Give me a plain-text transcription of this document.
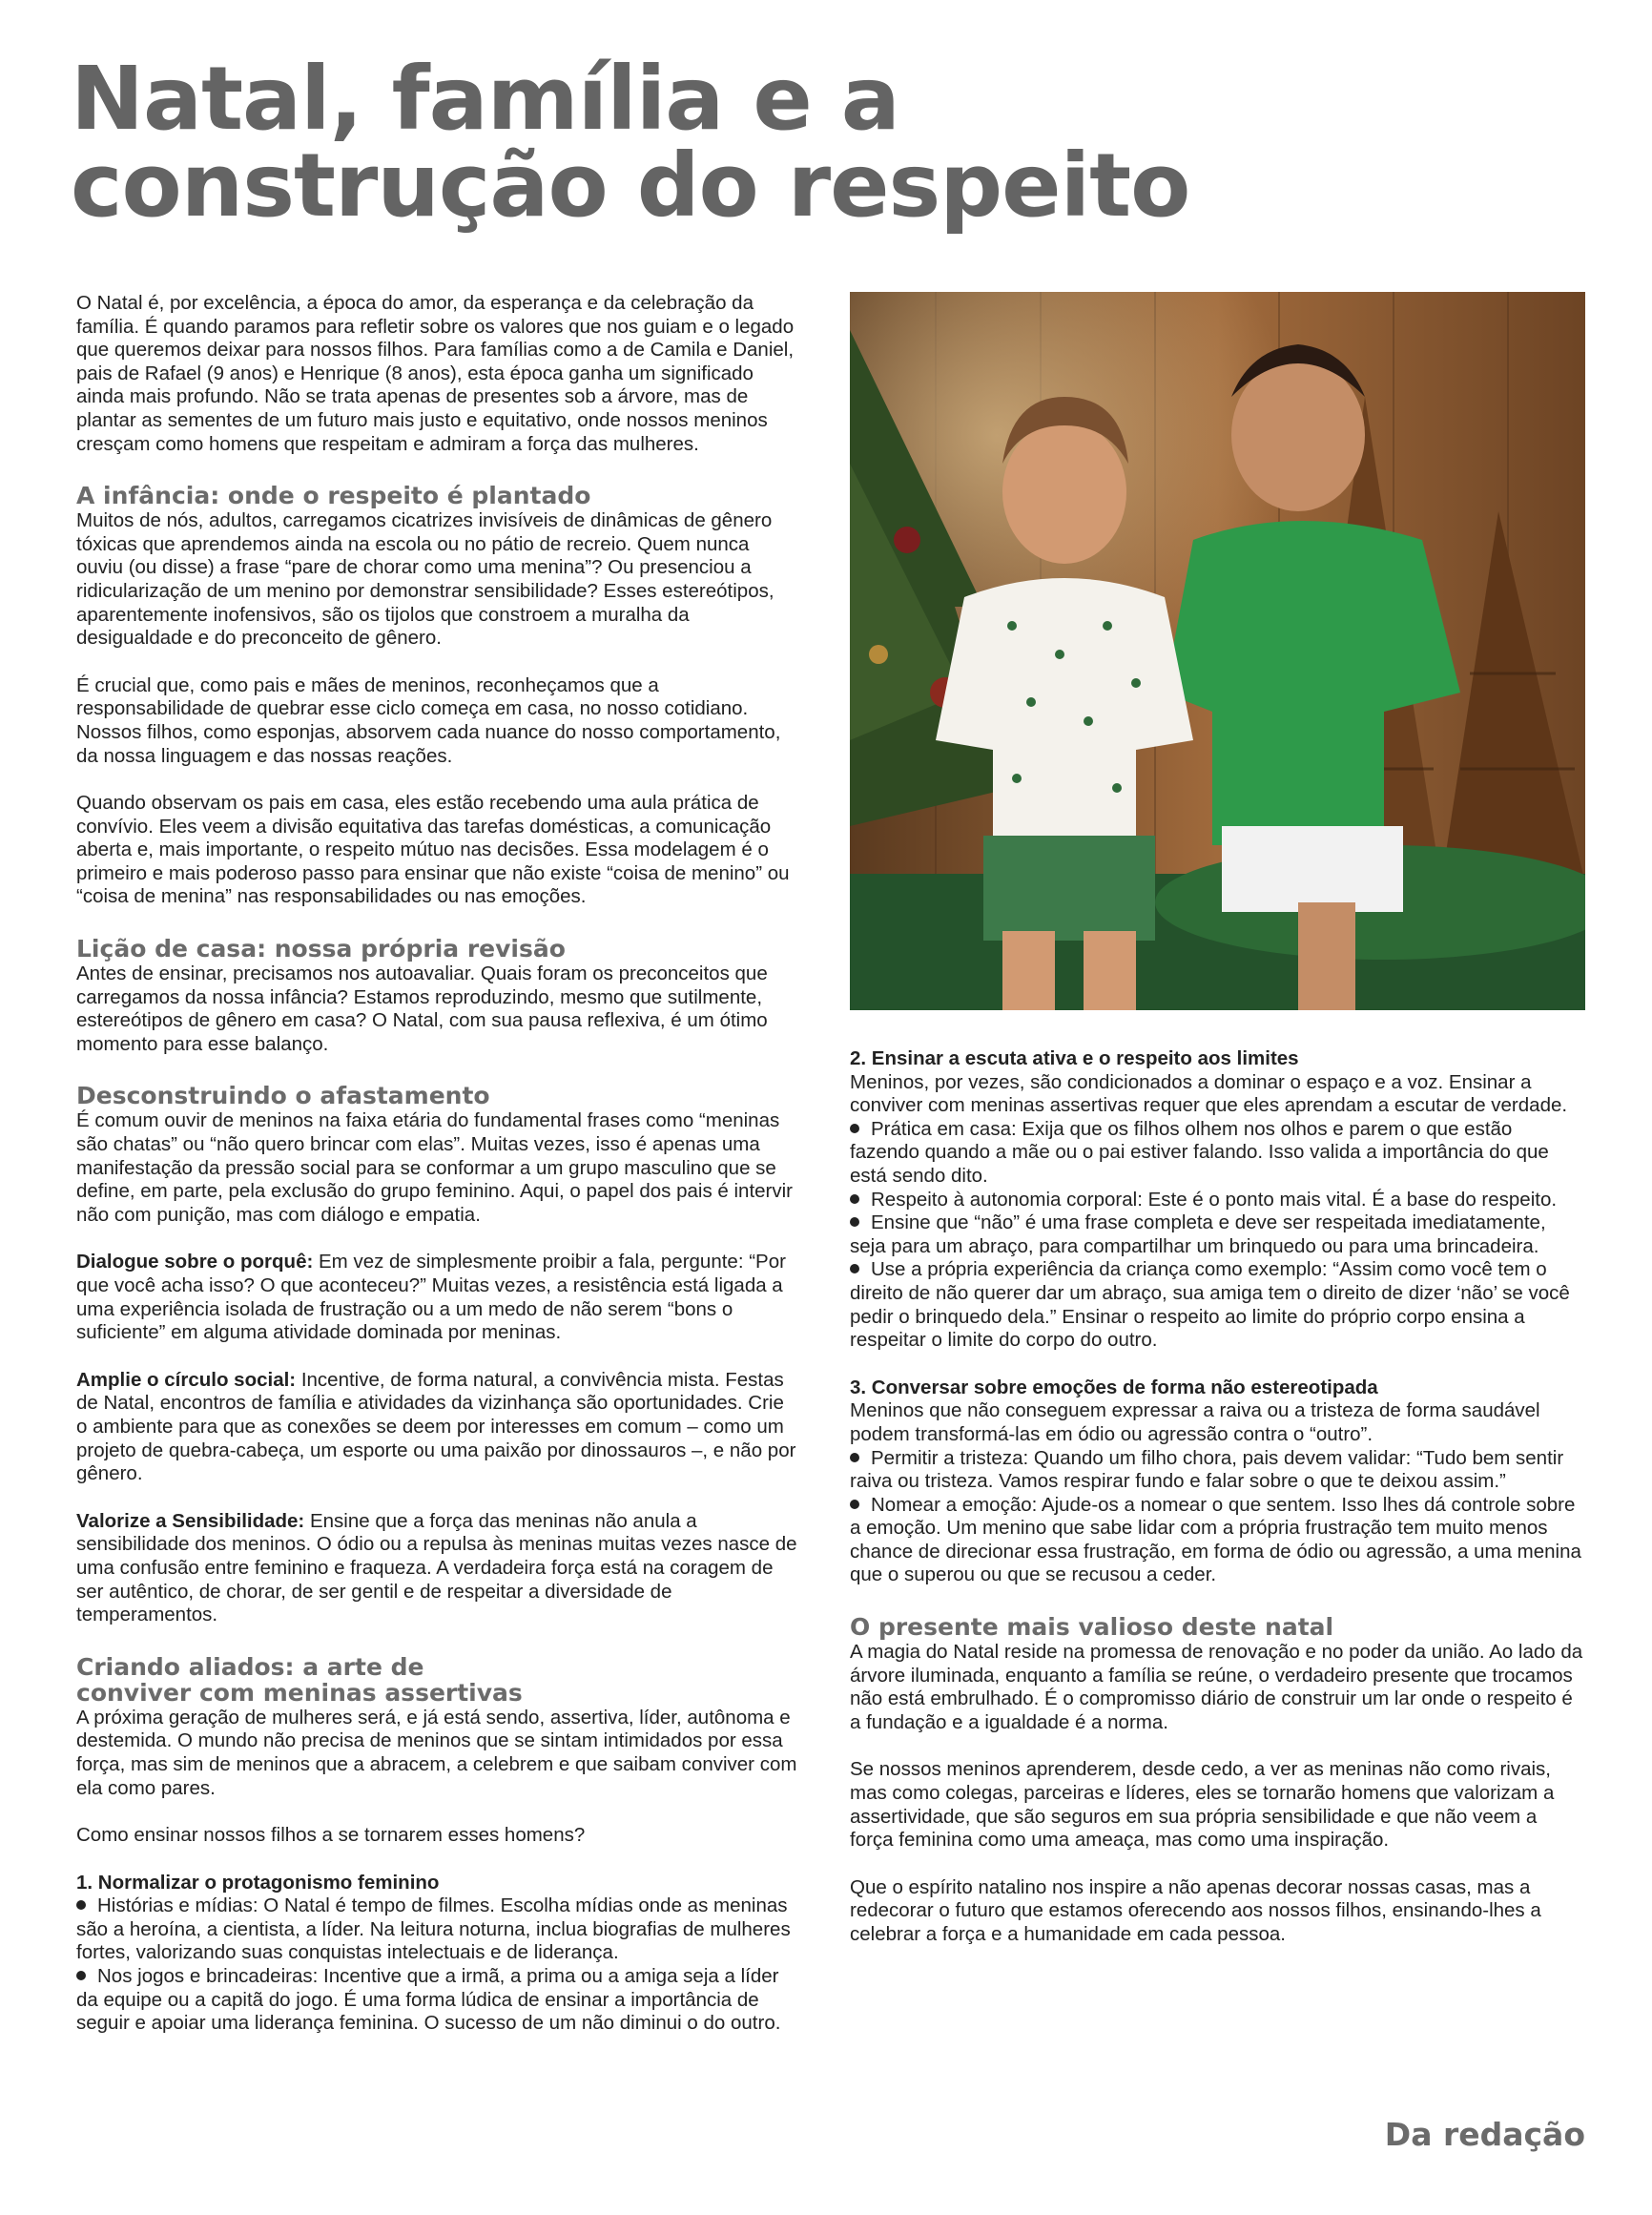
Natal, família e a
construção do respeito

O Natal é, por excelência, a época do amor, da esperança e da celebração da família. É quando paramos para refletir sobre os valores que nos guiam e o legado que queremos deixar para nossos filhos. Para famílias como a de Camila e Daniel, pais de Rafael (9 anos) e Henrique (8 anos), esta época ganha um significado ainda mais profundo. Não se trata apenas de presentes sob a árvore, mas de plantar as sementes de um futuro mais justo e equitativo, onde nossos meninos cresçam como homens que respeitam e admiram a força das mulheres.

A infância: onde o respeito é plantado

Muitos de nós, adultos, carregamos cicatrizes invisíveis de dinâmicas de gênero tóxicas que aprendemos ainda na escola ou no pátio de recreio. Quem nunca ouviu (ou disse) a frase “pare de chorar como uma menina”? Ou presenciou a ridicularização de um menino por demonstrar sensibilidade? Esses estereótipos, aparentemente inofensivos, são os tijolos que constroem a muralha da desigualdade e do preconceito de gênero.

É crucial que, como pais e mães de meninos, reconheçamos que a responsabilidade de quebrar esse ciclo começa em casa, no nosso cotidiano. Nossos filhos, como esponjas, absorvem cada nuance do nosso comportamento, da nossa linguagem e das nossas reações.

Quando observam os pais em casa, eles estão recebendo uma aula prática de convívio. Eles veem a divisão equitativa das tarefas domésticas, a comunicação aberta e, mais importante, o respeito mútuo nas decisões. Essa modelagem é o primeiro e mais poderoso passo para ensinar que não existe “coisa de menino” ou “coisa de menina” nas responsabilidades ou nas emoções.

Lição de casa: nossa própria revisão

Antes de ensinar, precisamos nos autoavaliar. Quais foram os preconceitos que carregamos da nossa infância? Estamos reproduzindo, mesmo que sutilmente, estereótipos de gênero em casa? O Natal, com sua pausa reflexiva, é um ótimo momento para esse balanço.

Desconstruindo o afastamento

É comum ouvir de meninos na faixa etária do fundamental frases como “meninas são chatas” ou “não quero brincar com elas”. Muitas vezes, isso é apenas uma manifestação da pressão social para se conformar a um grupo masculino que se define, em parte, pela exclusão do grupo feminino. Aqui, o papel dos pais é intervir não com punição, mas com diálogo e empatia.

Dialogue sobre o porquê: Em vez de simplesmente proibir a fala, pergunte: “Por que você acha isso? O que aconteceu?” Muitas vezes, a resistência está ligada a uma experiência isolada de frustração ou a um medo de não serem “bons o suficiente” em alguma atividade dominada por meninas.

Amplie o círculo social: Incentive, de forma natural, a convivência mista. Festas de Natal, encontros de família e atividades da vizinhança são oportunidades. Crie o ambiente para que as conexões se deem por interesses em comum – como um projeto de quebra-cabeça, um esporte ou uma paixão por dinossauros –, e não por gênero.

Valorize a Sensibilidade: Ensine que a força das meninas não anula a sensibilidade dos meninos. O ódio ou a repulsa às meninas muitas vezes nasce de uma confusão entre feminino e fraqueza. A verdadeira força está na coragem de ser autêntico, de chorar, de ser gentil e de respeitar a diversidade de temperamentos.

Criando aliados: a arte de
conviver com meninas assertivas

A próxima geração de mulheres será, e já está sendo, assertiva, líder, autônoma e destemida. O mundo não precisa de meninos que se sintam intimidados por essa força, mas sim de meninos que a abracem, a celebrem e que saibam conviver com ela como pares.

Como ensinar nossos filhos a se tornarem esses homens?

1. Normalizar o protagonismo feminino
Histórias e mídias: O Natal é tempo de filmes. Escolha mídias onde as meninas são a heroína, a cientista, a líder. Na leitura noturna, inclua biografias de mulheres fortes, valorizando suas conquistas intelectuais e de liderança.
Nos jogos e brincadeiras: Incentive que a irmã, a prima ou a amiga seja a líder da equipe ou a capitã do jogo. É uma forma lúdica de ensinar a importância de seguir e apoiar uma liderança feminina. O sucesso de um não diminui o do outro.
2. Ensinar a escuta ativa e o respeito aos limites

Meninos, por vezes, são condicionados a dominar o espaço e a voz. Ensinar a conviver com meninas assertivas requer que eles aprendam a escutar de verdade.

Prática em casa: Exija que os filhos olhem nos olhos e parem o que estão fazendo quando a mãe ou o pai estiver falando. Isso valida a importância do que está sendo dito.
Respeito à autonomia corporal: Este é o ponto mais vital. É a base do respeito.
Ensine que “não” é uma frase completa e deve ser respeitada imediatamente, seja para um abraço, para compartilhar um brinquedo ou para uma brincadeira.
Use a própria experiência da criança como exemplo: “Assim como você tem o direito de não querer dar um abraço, sua amiga tem o direito de dizer ‘não’ se você pedir o brinquedo dela.” Ensinar o respeito ao limite do próprio corpo ensina a respeitar o limite do corpo do outro.
3. Conversar sobre emoções de forma não estereotipada

Meninos que não conseguem expressar a raiva ou a tristeza de forma saudável podem transformá-las em ódio ou agressão contra o “outro”.

Permitir a tristeza: Quando um filho chora, pais devem validar: “Tudo bem sentir raiva ou tristeza. Vamos respirar fundo e falar sobre o que te deixou assim.”
Nomear a emoção: Ajude-os a nomear o que sentem. Isso lhes dá controle sobre a emoção. Um menino que sabe lidar com a própria frustração tem muito menos chance de direcionar essa frustração, em forma de ódio ou agressão, a uma menina que o superou ou que se recusou a ceder.
O presente mais valioso deste natal

A magia do Natal reside na promessa de renovação e no poder da união. Ao lado da árvore iluminada, enquanto a família se reúne, o verdadeiro presente que trocamos não está embrulhado. É o compromisso diário de construir um lar onde o respeito é a fundação e a igualdade é a norma.

Se nossos meninos aprenderem, desde cedo, a ver as meninas não como rivais, mas como colegas, parceiras e líderes, eles se tornarão homens que valorizam a assertividade, que são seguros em sua própria sensibilidade e que não veem a força feminina como uma ameaça, mas como uma inspiração.

Que o espírito natalino nos inspire a não apenas decorar nossas casas, mas a redecorar o futuro que estamos oferecendo aos nossos filhos, ensinando-lhes a celebrar a força e a humanidade em cada pessoa.

Da redação
